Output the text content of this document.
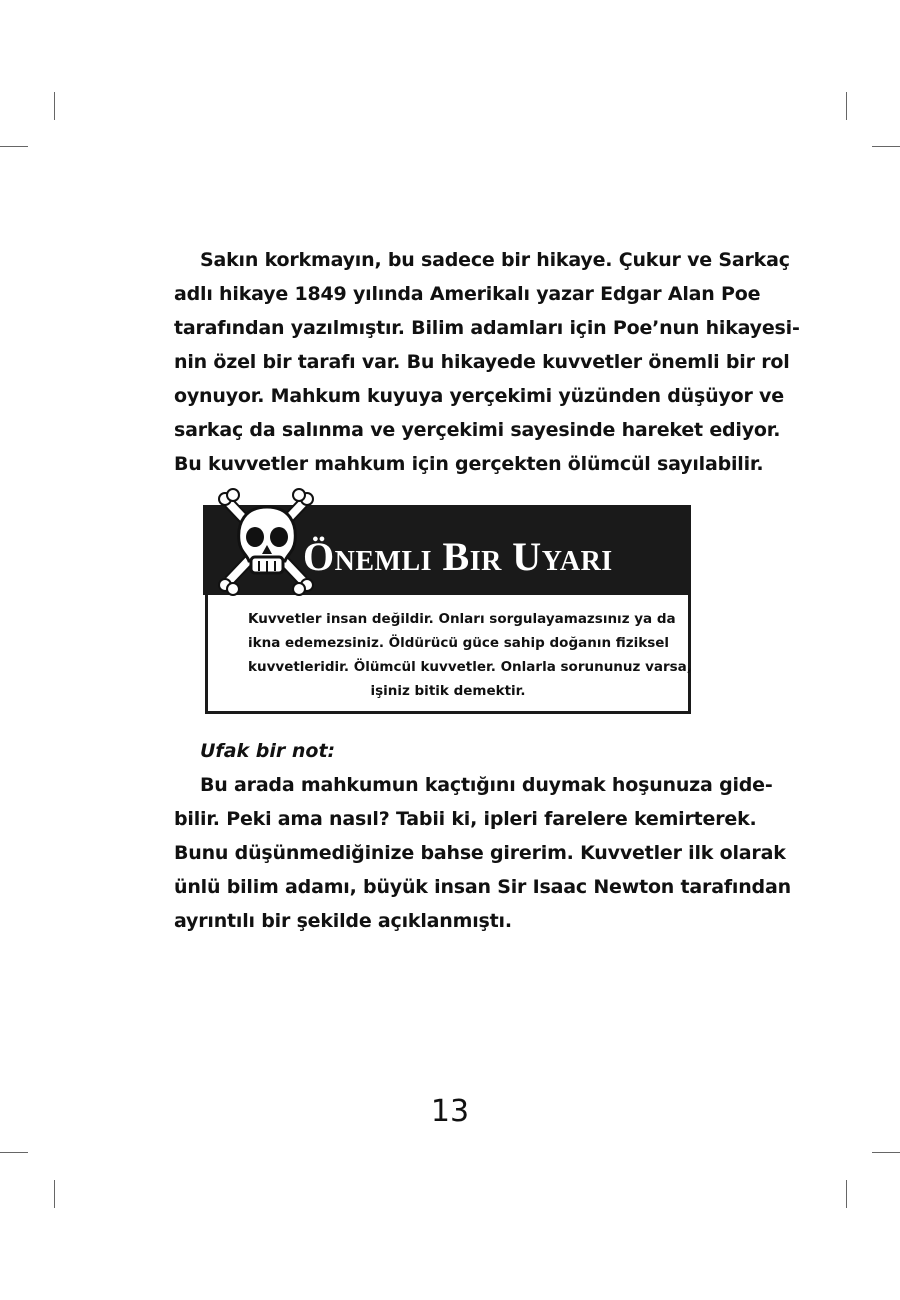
Sakın korkmayın, bu sadece bir hikaye. Çukur ve Sarkaç
adlı hikaye 1849 yılında Amerikalı yazar Edgar Alan Poe
tarafından yazılmıştır. Bilim adamları için Poe’nun hikayesi-
nin özel bir tarafı var. Bu hikayede kuvvetler önemli bir rol
oynuyor. Mahkum kuyuya yerçekimi yüzünden düşüyor ve
sarkaç da salınma ve yerçekimi sayesinde hareket ediyor.
Bu kuvvetler mahkum için gerçekten ölümcül sayılabilir.
Önemli Bir Uyarı
Kuvvetler insan değildir. Onları sorgulayamazsınız ya da
ikna edemezsiniz. Öldürücü güce sahip doğanın fiziksel
kuvvetleridir. Ölümcül kuvvetler. Onlarla sorununuz varsa,
işiniz bitik demektir.
Ufak bir not:
Bu arada mahkumun kaçtığını duymak hoşunuza gide-
bilir. Peki ama nasıl? Tabii ki, ipleri farelere kemirterek.
Bunu düşünmediğinize bahse girerim. Kuvvetler ilk olarak
ünlü bilim adamı, büyük insan Sir Isaac Newton tarafından
ayrıntılı bir şekilde açıklanmıştı.
13
